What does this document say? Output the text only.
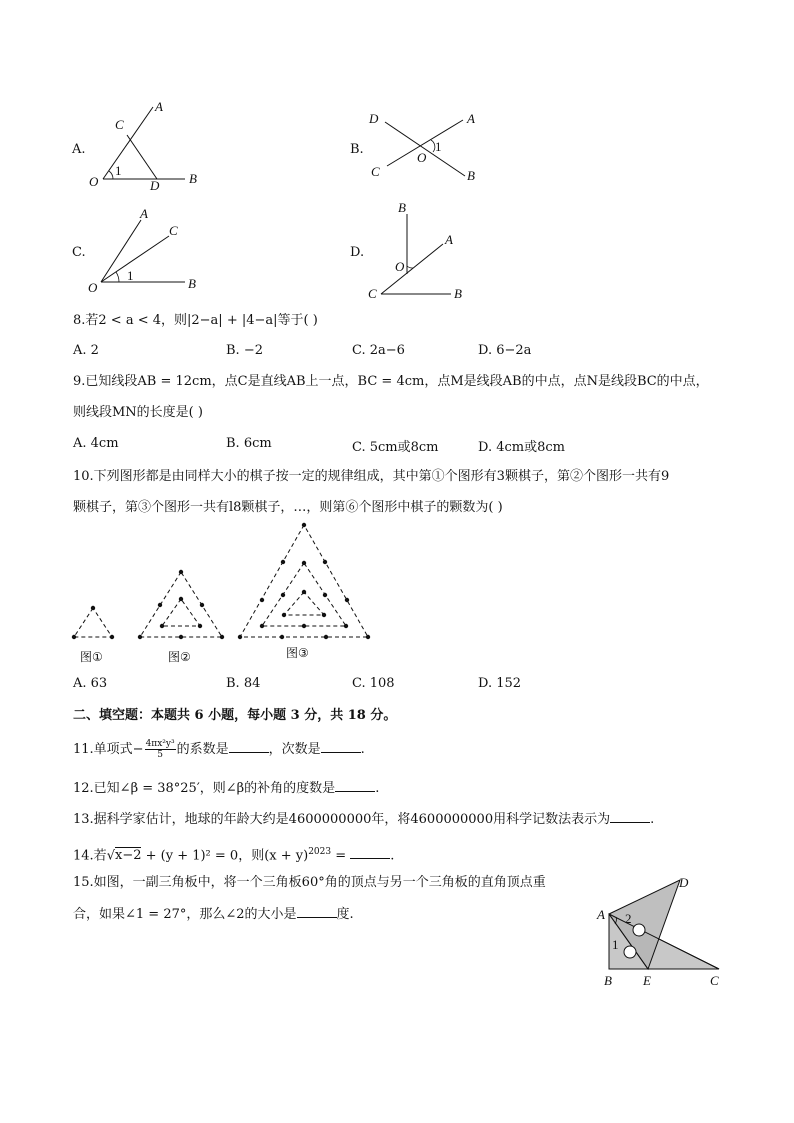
A.
A
C
O	D B
1
B.
D	A
O
C	B
1
C.
A
C
O	B
1
D.
B
A
O
C	B
8.若2 < a < 4，则|2−a| + |4−a|等于( )
A. 2	B. −2	C. 2a−6	D. 6−2a
9.已知线段AB = 12cm，点C是直线AB上一点，BC = 4cm，点M是线段AB的中点，点N是线段BC的中点，
则线段MN的长度是( )
A. 4cm	B. 6cm	C. 5cm或8cm	D. 4cm或8cm
10.下列图形都是由同样大小的棋子按一定的规律组成，其中第①个图形有3颗棋子，第②个图形一共有9
颗棋子，第③个图形一共有l8颗棋子，…，则第⑥个图形中棋子的颗数为( )
图①	图②	图③
A. 63	B. 84	C. 108	D. 152
二、填空题：本题共 6 小题，每小题 3 分，共 18 分。
11.单项式− $\frac{\text{4πx²y³}}{5}$ 的系数是	，次数是	.
12.已知∠β = 38°25′，则∠β的补角的度数是	.
13.据科学家估计，地球的年龄大约是4600000000年，将4600000000用科学记数法表示为	.
14.若√x−2 + (y + 1)² = 0，则$(x + y)^{2023}$ =	.
15.如图，一副三角板中，将一个三角板60°角的顶点与另一个三角板的直角顶点重
合，如果∠1 = 27°，那么∠2的大小是	度.	A
D
B E	C
1
2
